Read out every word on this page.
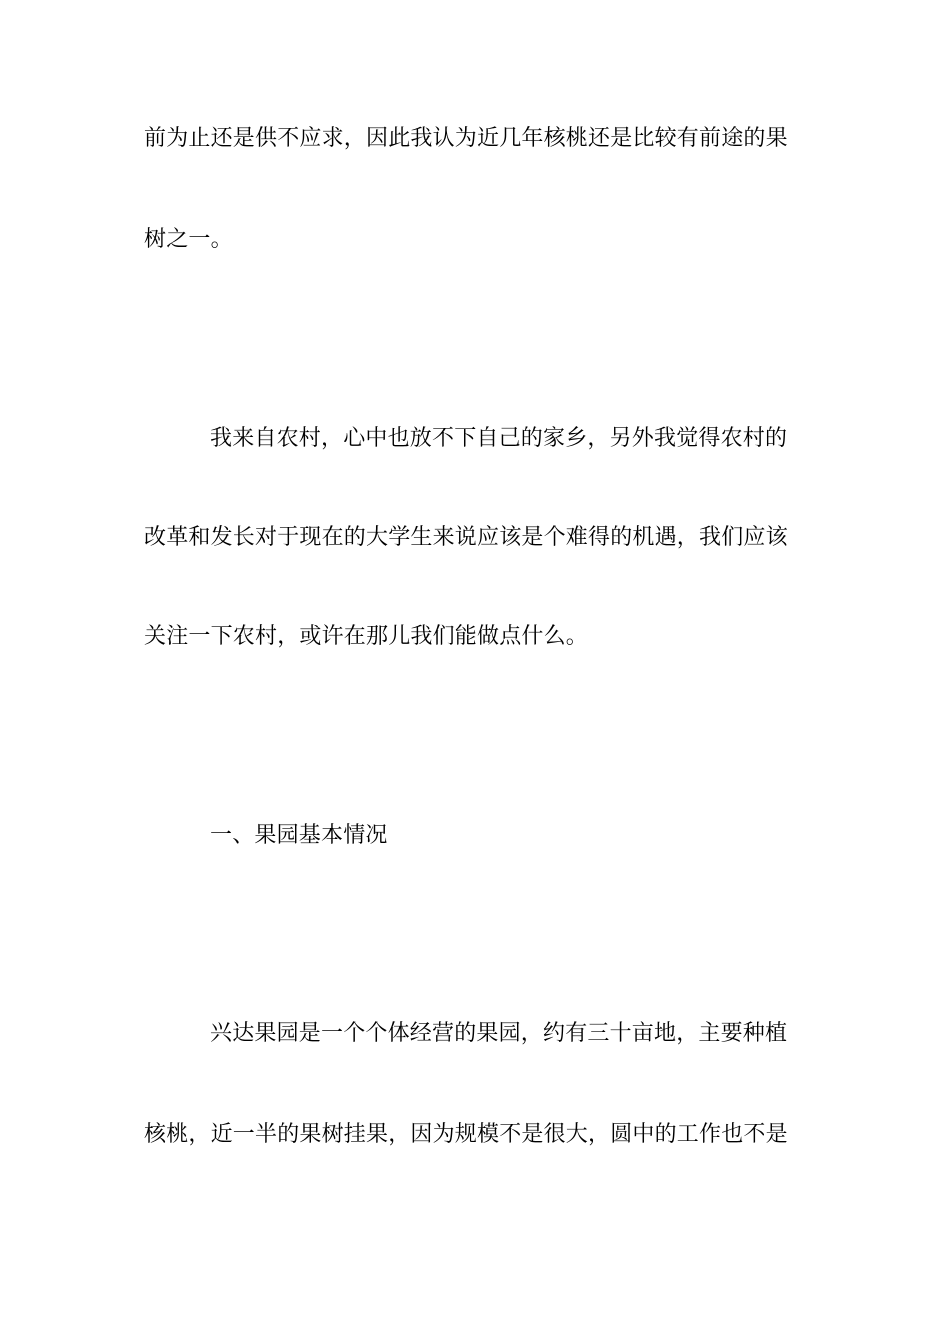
前为止还是供不应求，因此我认为近几年核桃还是比较有前途的果
树之一。
我来自农村，心中也放不下自己的家乡，另外我觉得农村的
改革和发长对于现在的大学生来说应该是个难得的机遇，我们应该
关注一下农村，或许在那儿我们能做点什么。
一、果园基本情况
兴达果园是一个个体经营的果园，约有三十亩地，主要种植
核桃，近一半的果树挂果，因为规模不是很大，圆中的工作也不是
